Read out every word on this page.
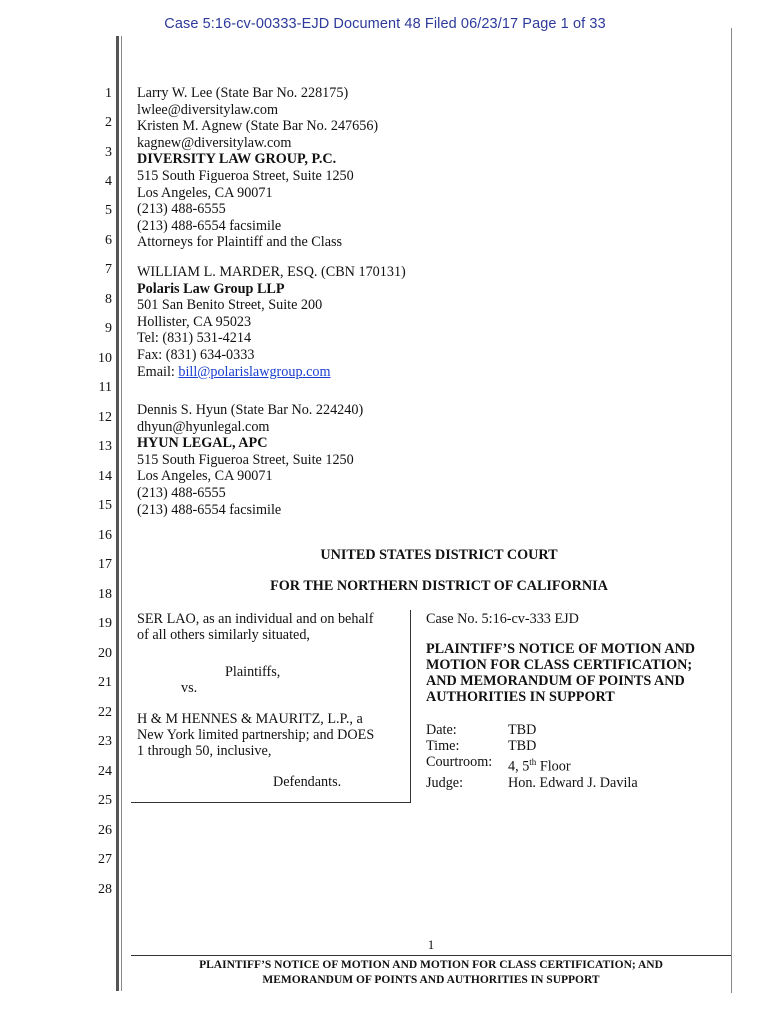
Case 5:16-cv-00333-EJD Document 48 Filed 06/23/17 Page 1 of 33
1
2
3
4
5
6
7
8
9
10
11
12
13
14
15
16
17
18
19
20
21
22
23
24
25
26
27
28
Larry W. Lee (State Bar No. 228175)
lwlee@diversitylaw.com
Kristen M. Agnew (State Bar No. 247656)
kagnew@diversitylaw.com
DIVERSITY LAW GROUP, P.C.
515 South Figueroa Street, Suite 1250
Los Angeles, CA 90071
(213) 488-6555
(213) 488-6554 facsimile
Attorneys for Plaintiff and the Class
WILLIAM L. MARDER, ESQ. (CBN 170131)
Polaris Law Group LLP
501 San Benito Street, Suite 200
Hollister, CA 95023
Tel: (831) 531-4214
Fax: (831) 634-0333
Email: bill@polarislawgroup.com
Dennis S. Hyun (State Bar No. 224240)
dhyun@hyunlegal.com
HYUN LEGAL, APC
515 South Figueroa Street, Suite 1250
Los Angeles, CA 90071
(213) 488-6555
(213) 488-6554 facsimile
UNITED STATES DISTRICT COURT
FOR THE NORTHERN DISTRICT OF CALIFORNIA
SER LAO, as an individual and on behalf
of all others similarly situated,
Plaintiffs,
vs.
H & M HENNES & MAURITZ, L.P., a
New York limited partnership; and DOES
1 through 50, inclusive,
Defendants.
Case No. 5:16-cv-333 EJD
PLAINTIFF’S NOTICE OF MOTION AND
MOTION FOR CLASS CERTIFICATION;
AND MEMORANDUM OF POINTS AND
AUTHORITIES IN SUPPORT
Date:	TBD
Time:	TBD
Courtroom:	4, 5th Floor
Judge:	Hon. Edward J. Davila
1
PLAINTIFF’S NOTICE OF MOTION AND MOTION FOR CLASS CERTIFICATION; AND
MEMORANDUM OF POINTS AND AUTHORITIES IN SUPPORT
